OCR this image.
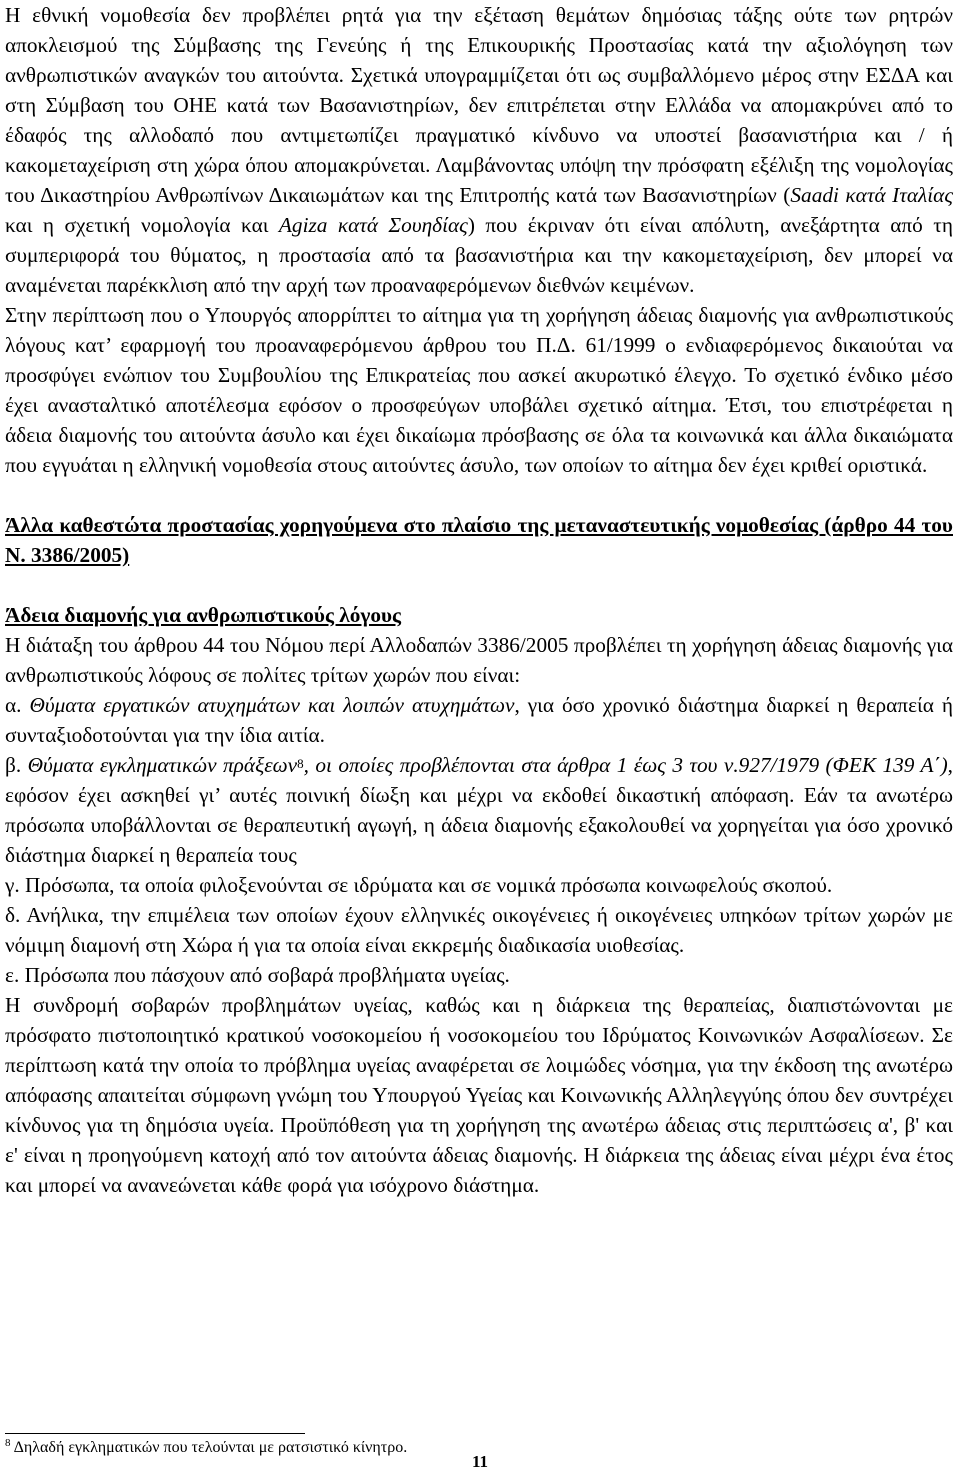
Η εθνική νομοθεσία δεν προβλέπει ρητά για την εξέταση θεμάτων δημόσιας τάξης ούτε των ρητρών αποκλεισμού της Σύμβασης της Γενεύης ή της Επικουρικής Προστασίας κατά την αξιολόγηση των ανθρωπιστικών αναγκών του αιτούντα. Σχετικά υπογραμμίζεται ότι ως συμβαλλόμενο μέρος στην ΕΣΔΑ και στη Σύμβαση του ΟΗΕ κατά των Βασανιστηρίων, δεν επιτρέπεται στην Ελλάδα να απομακρύνει από το έδαφός της αλλοδαπό που αντιμετωπίζει πραγματικό κίνδυνο να υποστεί βασανιστήρια και / ή κακομεταχείριση στη χώρα όπου απομακρύνεται. Λαμβάνοντας υπόψη την πρόσφατη εξέλιξη της νομολογίας του Δικαστηρίου Ανθρωπίνων Δικαιωμάτων και της Επιτροπής κατά των Βασανιστηρίων (Saadi κατά Ιταλίας και η σχετική νομολογία και Agiza κατά Σουηδίας) που έκριναν ότι είναι απόλυτη, ανεξάρτητα από τη συμπεριφορά του θύματος, η προστασία από τα βασανιστήρια και την κακομεταχείριση, δεν μπορεί να αναμένεται παρέκκλιση από την αρχή των προαναφερόμενων διεθνών κειμένων.

Στην περίπτωση που ο Υπουργός απορρίπτει το αίτημα για τη χορήγηση άδειας διαμονής για ανθρωπιστικούς λόγους κατ’ εφαρμογή του προαναφερόμενου άρθρου του Π.Δ. 61/1999 ο ενδιαφερόμενος δικαιούται να προσφύγει ενώπιον του Συμβουλίου της Επικρατείας που ασκεί ακυρωτικό έλεγχο. Το σχετικό ένδικο μέσο έχει ανασταλτικό αποτέλεσμα εφόσον ο προσφεύγων υποβάλει σχετικό αίτημα. Έτσι, του επιστρέφεται η άδεια διαμονής του αιτούντα άσυλο και έχει δικαίωμα πρόσβασης σε όλα τα κοινωνικά και άλλα δικαιώματα που εγγυάται η ελληνική νομοθεσία στους αιτούντες άσυλο, των οποίων το αίτημα δεν έχει κριθεί οριστικά.

Άλλα καθεστώτα προστασίας χορηγούμενα στο πλαίσιο της μεταναστευτικής νομοθεσίας (άρθρο 44 του Ν. 3386/2005)

Άδεια διαμονής για ανθρωπιστικούς λόγους

Η διάταξη του άρθρου 44 του Νόμου περί Αλλοδαπών 3386/2005 προβλέπει τη χορήγηση άδειας διαμονής για ανθρωπιστικούς λόφους σε πολίτες τρίτων χωρών που είναι:

α. Θύματα εργατικών ατυχημάτων και λοιπών ατυχημάτων, για όσο χρονικό διάστημα διαρκεί η θεραπεία ή συνταξιοδοτούνται για την ίδια αιτία.

β. Θύματα εγκληματικών πράξεων$^8$, οι οποίες προβλέπονται στα άρθρα 1 έως 3 του ν.927/1979 (ΦΕΚ 139 Α΄), εφόσον έχει ασκηθεί γι’ αυτές ποινική δίωξη και μέχρι να εκδοθεί δικαστική απόφαση. Εάν τα ανωτέρω πρόσωπα υποβάλλονται σε θεραπευτική αγωγή, η άδεια διαμονής εξακολουθεί να χορηγείται για όσο χρονικό διάστημα διαρκεί η θεραπεία τους

γ. Πρόσωπα, τα οποία φιλοξενούνται σε ιδρύματα και σε νομικά πρόσωπα κοινωφελούς σκοπού.

δ. Ανήλικα, την επιμέλεια των οποίων έχουν ελληνικές οικογένειες ή οικογένειες υπηκόων τρίτων χωρών με νόμιμη διαμονή στη Χώρα ή για τα οποία είναι εκκρεμής διαδικασία υιοθεσίας.

ε. Πρόσωπα που πάσχουν από σοβαρά προβλήματα υγείας.

Η συνδρομή σοβαρών προβλημάτων υγείας, καθώς και η διάρκεια της θεραπείας, διαπιστώνονται με πρόσφατο πιστοποιητικό κρατικού νοσοκομείου ή νοσοκομείου του Ιδρύματος Κοινωνικών Ασφαλίσεων. Σε περίπτωση κατά την οποία το πρόβλημα υγείας αναφέρεται σε λοιμώδες νόσημα, για την έκδοση της ανωτέρω απόφασης απαιτείται σύμφωνη γνώμη του Υπουργού Υγείας και Κοινωνικής Αλληλεγγύης όπου δεν συντρέχει κίνδυνος για τη δημόσια υγεία. Προϋπόθεση για τη χορήγηση της ανωτέρω άδειας στις περιπτώσεις α', β' και ε' είναι η προηγούμενη κατοχή από τον αιτούντα άδειας διαμονής. Η διάρκεια της άδειας είναι μέχρι ένα έτος και μπορεί να ανανεώνεται κάθε φορά για ισόχρονο διάστημα.

$^8$ Δηλαδή εγκληματικών που τελούνται με ρατσιστικό κίνητρο.
11
